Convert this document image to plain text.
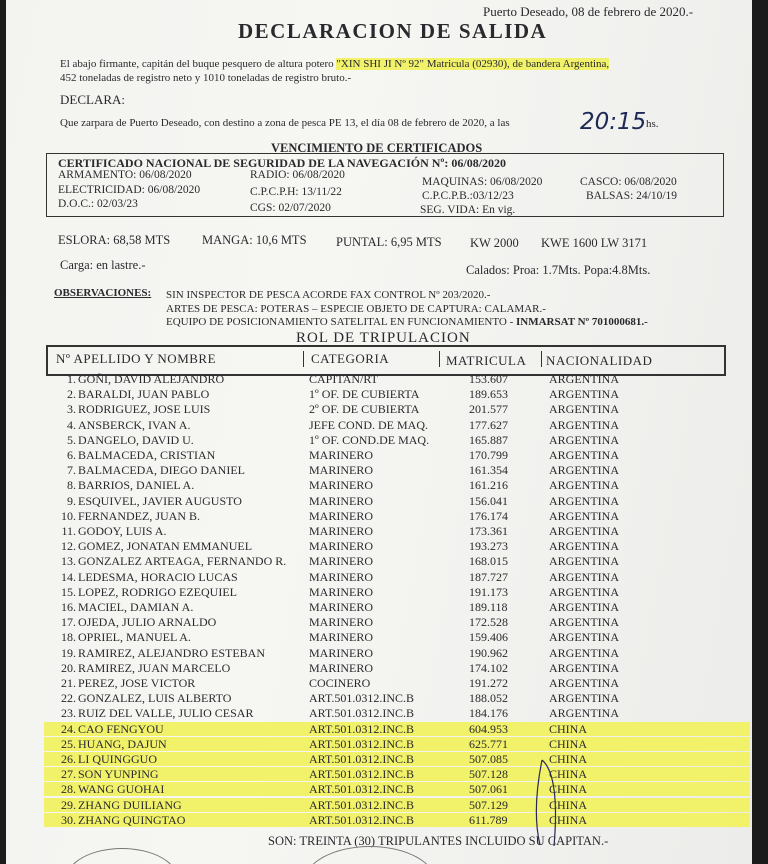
Puerto Deseado, 08 de febrero de 2020.-
DECLARACION DE SALIDA
El abajo firmante, capitán del buque pesquero de altura potero "XIN SHI JI Nº 92" Matricula (02930), de bandera Argentina,
452 toneladas de registro neto y 1010 toneladas de registro bruto.-
DECLARA:
Que zarpara de Puerto Deseado, con destino a zona de pesca PE 13, el día 08 de febrero de 2020, a las	20:15 hs.
VENCIMIENTO DE CERTIFICADOS
CERTIFICADO NACIONAL DE SEGURIDAD DE LA NAVEGACIÓN Nº: 06/08/2020
ARMAMENTO: 06/08/2020	RADIO: 06/08/2020
MAQUINAS: 06/08/2020	CASCO: 06/08/2020
ELECTRICIDAD: 06/08/2020	C.P.C.P.H: 13/11/22	C.P.C.P.B.:03/12/23	BALSAS: 24/10/19
D.O.C.: 02/03/23	CGS: 02/07/2020	SEG. VIDA: En vig.
ESLORA: 68,58 MTS	MANGA: 10,6 MTS PUNTAL: 6,95 MTS KW 2000 KWE 1600 LW 3171
Carga: en lastre.-	Calados: Proa: 1.7Mts. Popa:4.8Mts.
OBSERVACIONES: SIN INSPECTOR DE PESCA ACORDE FAX CONTROL Nº 203/2020.-
ARTES DE PESCA: POTERAS – ESPECIE OBJETO DE CAPTURA: CALAMAR.-
EQUIPO DE POSICIONAMIENTO SATELITAL EN FUNCIONAMIENTO - INMARSAT Nº 701000681.-
ROL DE TRIPULACION
Nº APELLIDO Y NOMBRE	CATEGORIA	MATRICULA NACIONALIDAD
1. GOÑI, DAVID ALEJANDRO	CAPITAN/RT	153.607	ARGENTINA
2. BARALDI, JUAN PABLO	1º OF. DE CUBIERTA	189.653	ARGENTINA
3. RODRIGUEZ, JOSE LUIS	2º OF. DE CUBIERTA	201.577	ARGENTINA
4. ANSBERCK, IVAN A.	JEFE COND. DE MAQ.	177.627	ARGENTINA
5. DANGELO, DAVID U.	1º OF. COND.DE MAQ.	165.887	ARGENTINA
6. BALMACEDA, CRISTIAN	MARINERO	170.799	ARGENTINA
7. BALMACEDA, DIEGO DANIEL	MARINERO	161.354	ARGENTINA
8. BARRIOS, DANIEL A.	MARINERO	161.216	ARGENTINA
9. ESQUIVEL, JAVIER AUGUSTO	MARINERO	156.041	ARGENTINA
10. FERNANDEZ, JUAN B.	MARINERO	176.174	ARGENTINA
11. GODOY, LUIS A.	MARINERO	173.361	ARGENTINA
12. GOMEZ, JONATAN EMMANUEL	MARINERO	193.273	ARGENTINA
13. GONZALEZ ARTEAGA, FERNANDO R. MARINERO	168.015	ARGENTINA
14. LEDESMA, HORACIO LUCAS	MARINERO	187.727	ARGENTINA
15. LOPEZ, RODRIGO EZEQUIEL	MARINERO	191.173	ARGENTINA
16. MACIEL, DAMIAN A.	MARINERO	189.118	ARGENTINA
17. OJEDA, JULIO ARNALDO	MARINERO	172.528	ARGENTINA
18. OPRIEL, MANUEL A.	MARINERO	159.406	ARGENTINA
19. RAMIREZ, ALEJANDRO ESTEBAN	MARINERO	190.962	ARGENTINA
20. RAMIREZ, JUAN MARCELO	MARINERO	174.102	ARGENTINA
21. PEREZ, JOSE VICTOR	COCINERO	191.272	ARGENTINA
22. GONZALEZ, LUIS ALBERTO	ART.501.0312.INC.B	188.052	ARGENTINA
23. RUIZ DEL VALLE, JULIO CESAR	ART.501.0312.INC.B	184.176	ARGENTINA
24. CAO FENGYOU	ART.501.0312.INC.B	604.953	CHINA
25. HUANG, DAJUN	ART.501.0312.INC.B	625.771	CHINA
26. LI QUINGGUO	ART.501.0312.INC.B	507.085	CHINA
27. SON YUNPING	ART.501.0312.INC.B	507.128	CHINA
28. WANG GUOHAI	ART.501.0312.INC.B	507.061	CHINA
29. ZHANG DUILIANG	ART.501.0312.INC.B	507.129	CHINA
30. ZHANG QUINGTAO	ART.501.0312.INC.B	611.789	CHINA
SON: TREINTA (30) TRIPULANTES INCLUIDO SU CAPITAN.-
